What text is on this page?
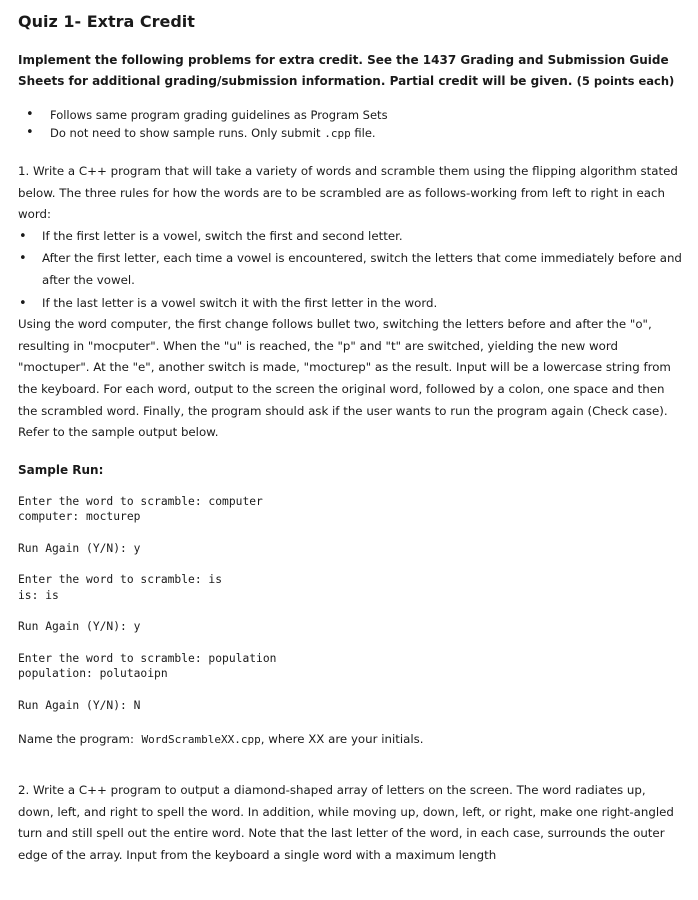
Quiz 1- Extra Credit
Implement the following problems for extra credit. See the 1437 Grading and Submission Guide Sheets for additional grading/submission information. Partial credit will be given. (5 points each)
• Follows same program grading guidelines as Program Sets
• Do not need to show sample runs. Only submit .cpp file.
1. Write a C++ program that will take a variety of words and scramble them using the flipping algorithm stated below. The three rules for how the words are to be scrambled are as follows-working from left to right in each word:
• If the first letter is a vowel, switch the first and second letter.
• After the first letter, each time a vowel is encountered, switch the letters that come immediately before and after the vowel.
• If the last letter is a vowel switch it with the first letter in the word.
Using the word computer, the first change follows bullet two, switching the letters before and after the "o", resulting in "mocputer". When the "u" is reached, the "p" and "t" are switched, yielding the new word "moctuper". At the "e", another switch is made, "mocturep" as the result. Input will be a lowercase string from the keyboard. For each word, output to the screen the original word, followed by a colon, one space and then the scrambled word. Finally, the program should ask if the user wants to run the program again (Check case). Refer to the sample output below.
Sample Run:

Enter the word to scramble: computer

computer: mocturep

Run Again (Y/N): y

Enter the word to scramble: is

is: is

Run Again (Y/N): y

Enter the word to scramble: population

population: polutaoipn

Run Again (Y/N): N

Name the program:  WordScrambleXX.cpp, where XX are your initials.
2. Write a C++ program to output a diamond-shaped array of letters on the screen. The word radiates up, down, left, and right to spell the word. In addition, while moving up, down, left, or right, make one right-angled turn and still spell out the entire word. Note that the last letter of the word, in each case, surrounds the outer edge of the array. Input from the keyboard a single word with a maximum length
